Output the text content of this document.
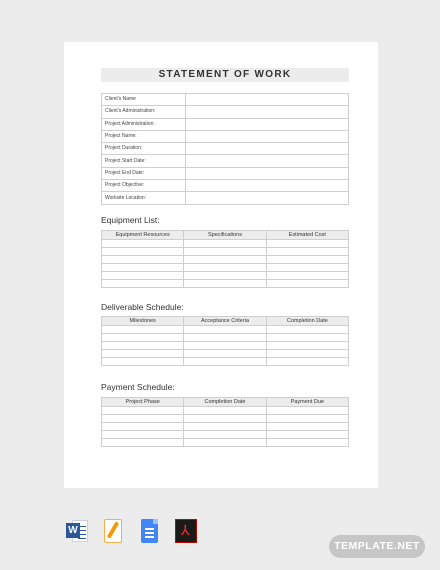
STATEMENT OF WORK
Client's Name	
Client's Administration:	
Project Administration:	
Project Name:	
Project Duration:	
Project Start Date:	
Project End Date:	
Project Objective:	
Worksite Location:	
Equipment List:
Equipment Resources	Specifications	Estimated Cost

Deliverable Schedule:
Milestones	Acceptance Criteria	Completion Date

Payment Schedule:
Project Phase	Completion Date	Payment Due

W	⅄
TEMPLATE.NET
